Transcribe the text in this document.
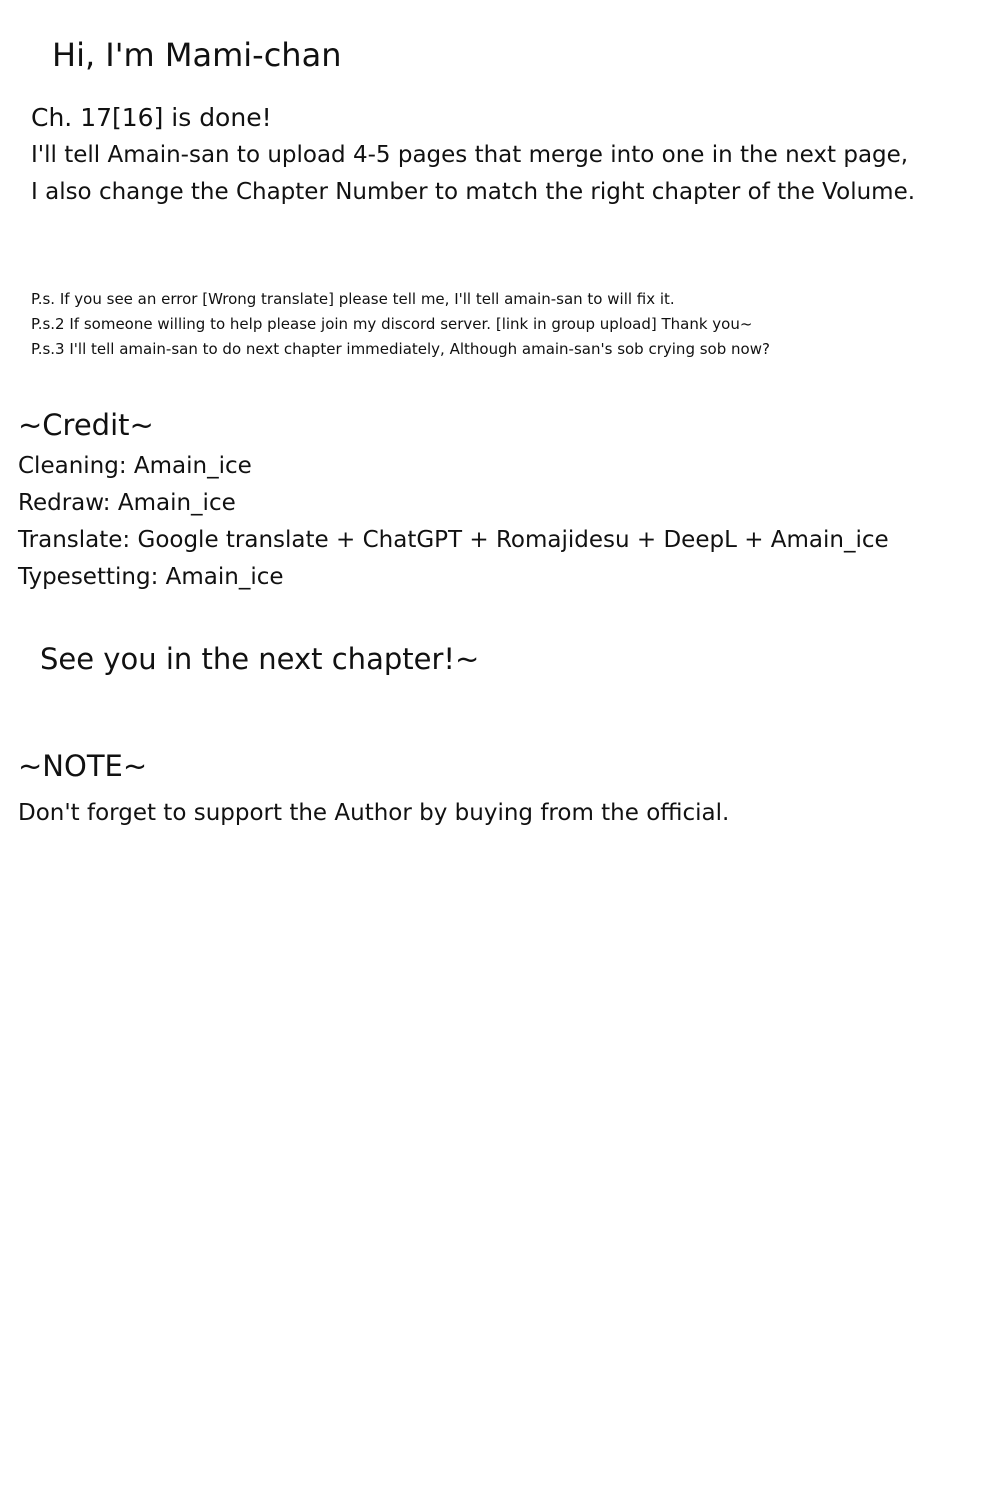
Hi, I'm Mami-chan

Ch. 17[16] is done!

I'll tell Amain-san to upload 4-5 pages that merge into one in the next page,

I also change the Chapter Number to match the right chapter of the Volume.

P.s. If you see an error [Wrong translate] please tell me, I'll tell amain-san to will fix it.

P.s.2 If someone willing to help please join my discord server. [link in group upload] Thank you~

P.s.3 I'll tell amain-san to do next chapter immediately, Although amain-san's sob crying sob now?

~Credit~

Cleaning: Amain_ice

Redraw: Amain_ice

Translate: Google translate + ChatGPT + Romajidesu + DeepL + Amain_ice

Typesetting: Amain_ice

See you in the next chapter!~

~NOTE~

Don't forget to support the Author by buying from the official.
